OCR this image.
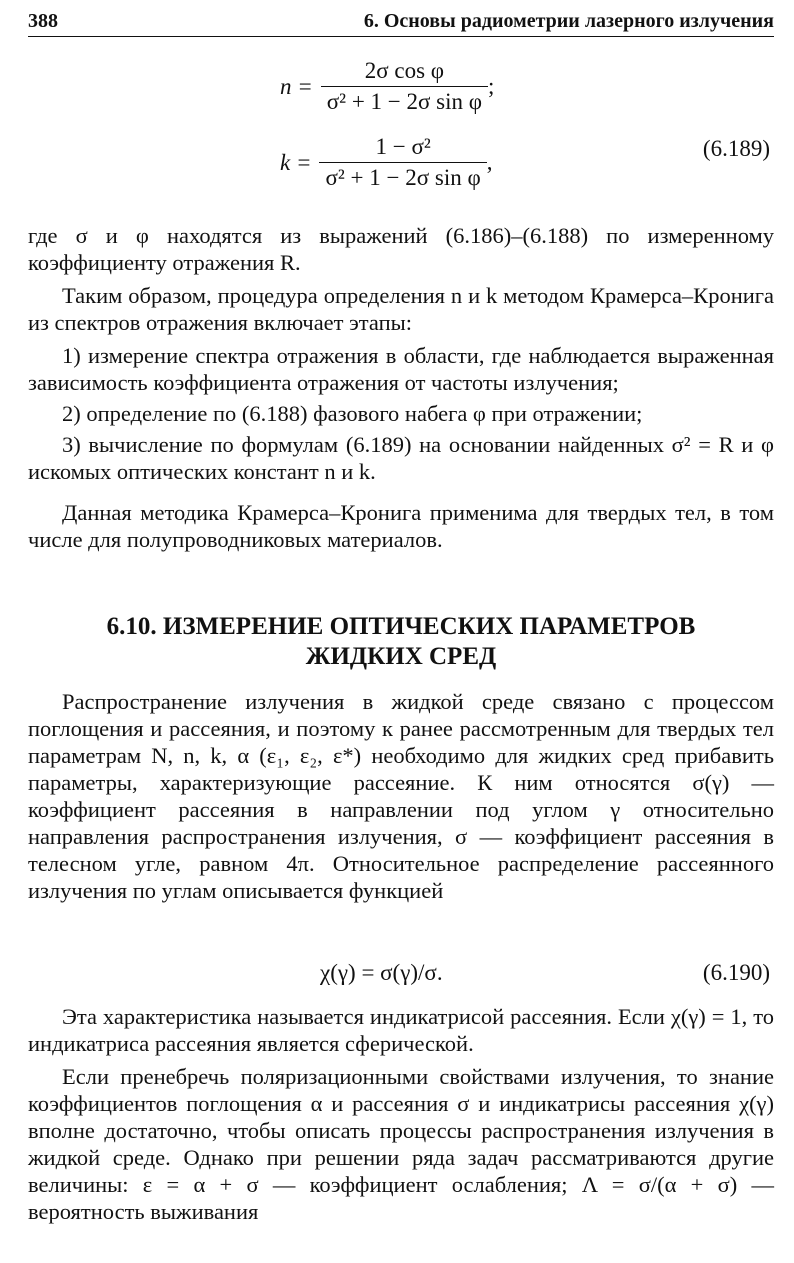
388	6. Основы радиометрии лазерного излучения
$n = \frac{\text{2σ cos φ}}{\text{σ² + 1 − 2σ sin φ}}$ ;
$k = \frac{\text{1 − σ²}}{\text{σ² + 1 − 2σ sin φ}}$ ,
(6.189)

где σ и φ находятся из выражений (6.186)–(6.188) по измеренному коэффициенту отражения R.

Таким образом, процедура определения n и k методом Крамерса–Кронига из спектров отражения включает этапы:

1) измерение спектра отражения в области, где наблюдается выраженная зависимость коэффициента отражения от частоты излучения;

2) определение по (6.188) фазового набега φ при отражении;

3) вычисление по формулам (6.189) на основании найденных σ² = R и φ искомых оптических констант n и k.

Данная методика Крамерса–Кронига применима для твердых тел, в том числе для полупроводниковых материалов.

6.10. ИЗМЕРЕНИЕ ОПТИЧЕСКИХ ПАРАМЕТРОВ
ЖИДКИХ СРЕД

Распространение излучения в жидкой среде связано с процессом поглощения и рассеяния, и поэтому к ранее рассмотренным для твердых тел параметрам N, n, k, α (ε₁, ε₂, ε*) необходимо для жидких сред прибавить параметры, характеризующие рассеяние. К ним относятся σ(γ) — коэффициент рассеяния в направлении под углом γ относительно направления распространения излучения, σ — коэффициент рассеяния в телесном угле, равном 4π. Относительное распределение рассеянного излучения по углам описывается функцией

χ(γ) = σ(γ)/σ.	(6.190)

Эта характеристика называется индикатрисой рассеяния. Если χ(γ) = 1, то индикатриса рассеяния является сферической.

Если пренебречь поляризационными свойствами излучения, то знание коэффициентов поглощения α и рассеяния σ и индикатрисы рассеяния χ(γ) вполне достаточно, чтобы описать процессы распространения излучения в жидкой среде. Однако при решении ряда задач рассматриваются другие величины: ε = α + σ — коэффициент ослабления; Λ = σ/(α + σ) — вероятность выживания
